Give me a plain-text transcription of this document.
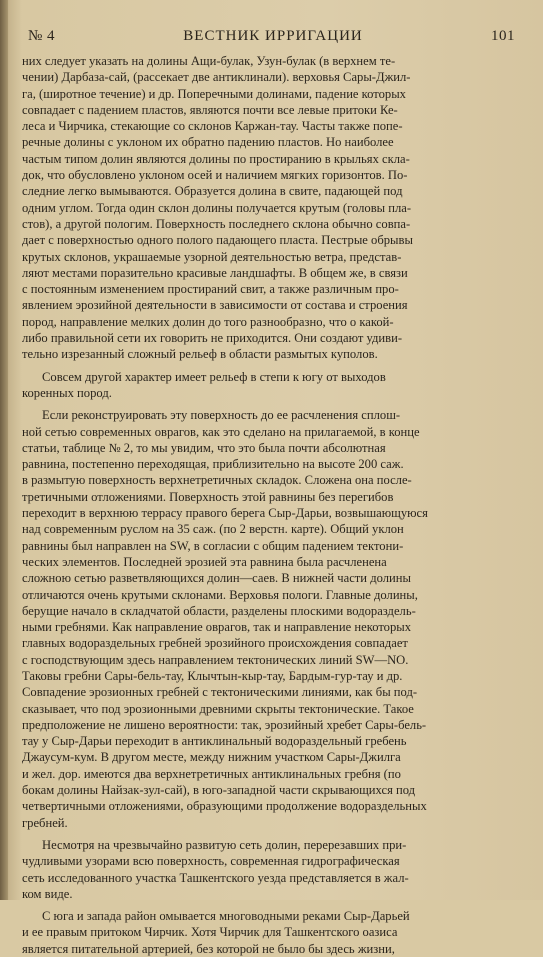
№ 4	ВЕСТНИК ИРРИГАЦИИ	101
них следует указать на долины Ащи-булак, Узун-булак (в верхнем те-
чении) Дарбаза-сай, (рассекает две антиклинали). верховья Сары-Джил-
га, (широтное течение) и др. Поперечными долинами, падение которых
совпадает с падением пластов, являются почти все левые притоки Ке-
леса и Чирчика, стекающие со склонов Каржан-тау. Часты также попе-
речные долины с уклоном их обратно падению пластов. Но наиболее
частым типом долин являются долины по простиранию в крыльях скла-
док, что обусловлено уклоном осей и наличием мягких горизонтов. По-
следние легко вымываются. Образуется долина в свите, падающей под
одним углом. Тогда один склон долины получается крутым (головы пла-
стов), а другой пологим. Поверхность последнего склона обычно совпа-
дает с поверхностью одного полого падающего пласта. Пестрые обрывы
крутых склонов, украшаемые узорной деятельностью ветра, представ-
ляют местами поразительно красивые ландшафты. В общем же, в связи
с постоянным изменением простираний свит, а также различным про-
явлением эрозийной деятельности в зависимости от состава и строения
пород, направление мелких долин до того разнообразно, что о какой-
либо правильной сети их говорить не приходится. Они создают удиви-
тельно изрезанный сложный рельеф в области размытых куполов.
Совсем другой характер имеет рельеф в степи к югу от выходов
коренных пород.
Если реконструировать эту поверхность до ее расчленения сплош-
ной сетью современных оврагов, как это сделано на прилагаемой, в конце
статьи, таблице № 2, то мы увидим, что это была почти абсолютная
равнина, постепенно переходящая, приблизительно на высоте 200 саж.
в размытую поверхность верхнетретичных складок. Сложена она после-
третичными отложениями. Поверхность этой равнины без перегибов
переходит в верхнюю террасу правого берега Сыр-Дарьи, возвышающуюся
над современным руслом на 35 саж. (по 2 верстн. карте). Общий уклон
равнины был направлен на SW, в согласии с общим падением тектони-
ческих элементов. Последней эрозией эта равнина была расчленена
сложною сетью разветвляющихся долин—саев. В нижней части долины
отличаются очень крутыми склонами. Верховья пологи. Главные долины,
берущие начало в складчатой области, разделены плоскими водораздель-
ными гребнями. Как направление оврагов, так и направление некоторых
главных водораздельных гребней эрозийного происхождения совпадает
с господствующим здесь направлением тектонических линий SW—NO.
Таковы гребни Сары-бель-тау, Клычтын-кыр-тау, Бардым-гур-тау и др.
Совпадение эрозионных гребней с тектоническими линиями, как бы под-
сказывает, что под эрозионными древними скрыты тектонические. Такое
предположение не лишено вероятности: так, эрозийный хребет Сары-бель-
тау у Сыр-Дарьи переходит в антиклинальный водораздельный гребень
Джаусум-кум. В другом месте, между нижним участком Сары-Джилга
и жел. дор. имеются два верхнетретичных антиклинальных гребня (по
бокам долины Найзак-зул-сай), в юго-западной части скрывающихся под
четвертичными отложениями, образующими продолжение водораздельных
гребней.
Несмотря на чрезвычайно развитую сеть долин, перерезавших при-
чудливыми узорами всю поверхность, современная гидрографическая
сеть исследованного участка Ташкентского уезда представляется в жал-
ком виде.
С юга и запада район омывается многоводными реками Сыр-Дарьей
и ее правым притоком Чирчик. Хотя Чирчик для Ташкентского оазиса
является питательной артерией, без которой не было бы здесь жизни,
